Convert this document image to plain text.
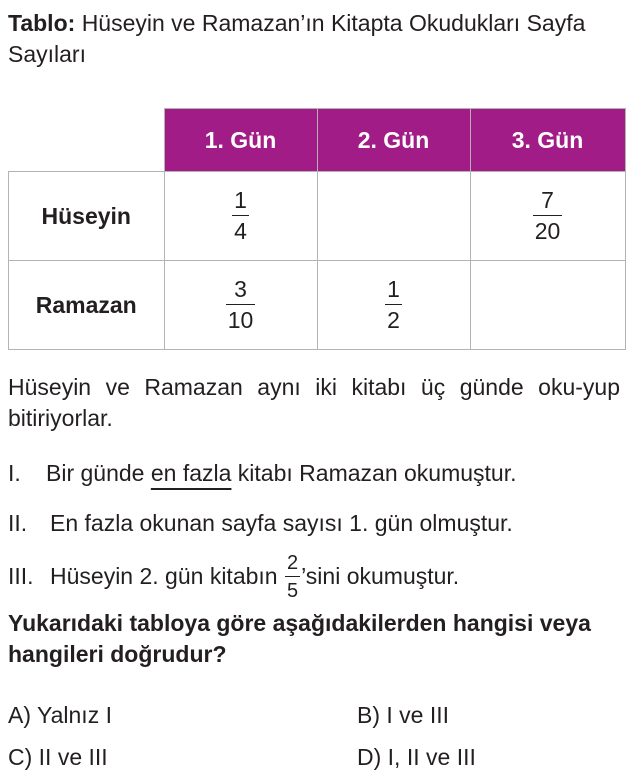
Tablo: Hüseyin ve Ramazan’ın Kitapta Okudukları Sayfa Sayıları
	1. Gün	2. Gün	3. Gün
Hüseyin	$\frac{1}{4}$		$\frac{7}{20}$

Ramazan	$\frac{3}{10}$	$\frac{1}{2}$

Hüseyin ve Ramazan aynı iki kitabı üç günde oku-yup bitiriyorlar.
I.	Bir günde en fazla kitabı Ramazan okumuştur.
II. En fazla okunan sayfa sayısı 1. gün olmuştur.
III. Hüseyin 2. gün kitabın $\frac{2}{5}$ ’sini okumuştur.
Yukarıdaki tabloya göre aşağıdakilerden hangisi veya hangileri doğrudur?
A) Yalnız I	B) I ve III
C) II ve III	D) I, II ve III
